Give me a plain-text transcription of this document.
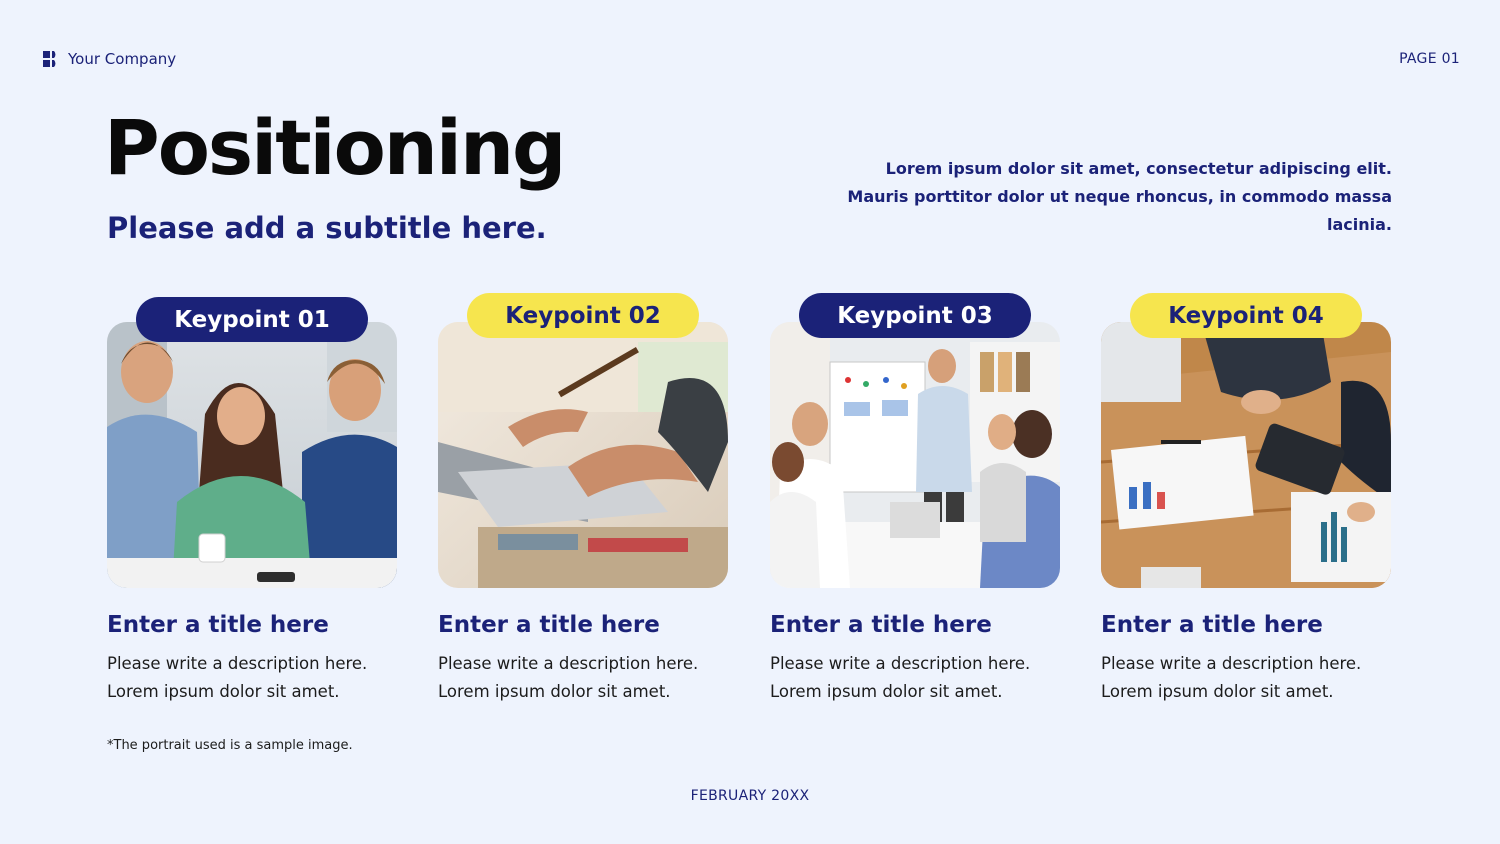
Your Company	PAGE 01
Positioning
Please add a subtitle here.

Lorem ipsum dolor sit amet, consectetur adipiscing elit. Mauris porttitor dolor ut neque rhoncus, in commodo massa lacinia.

Keypoint 01
Enter a title here

Please write a description here.
Lorem ipsum dolor sit amet.

Keypoint 02
Enter a title here

Please write a description here.
Lorem ipsum dolor sit amet.

Keypoint 03
Enter a title here

Please write a description here.
Lorem ipsum dolor sit amet.

Keypoint 04
Enter a title here

Please write a description here.
Lorem ipsum dolor sit amet.

*The portrait used is a sample image.
FEBRUARY 20XX
